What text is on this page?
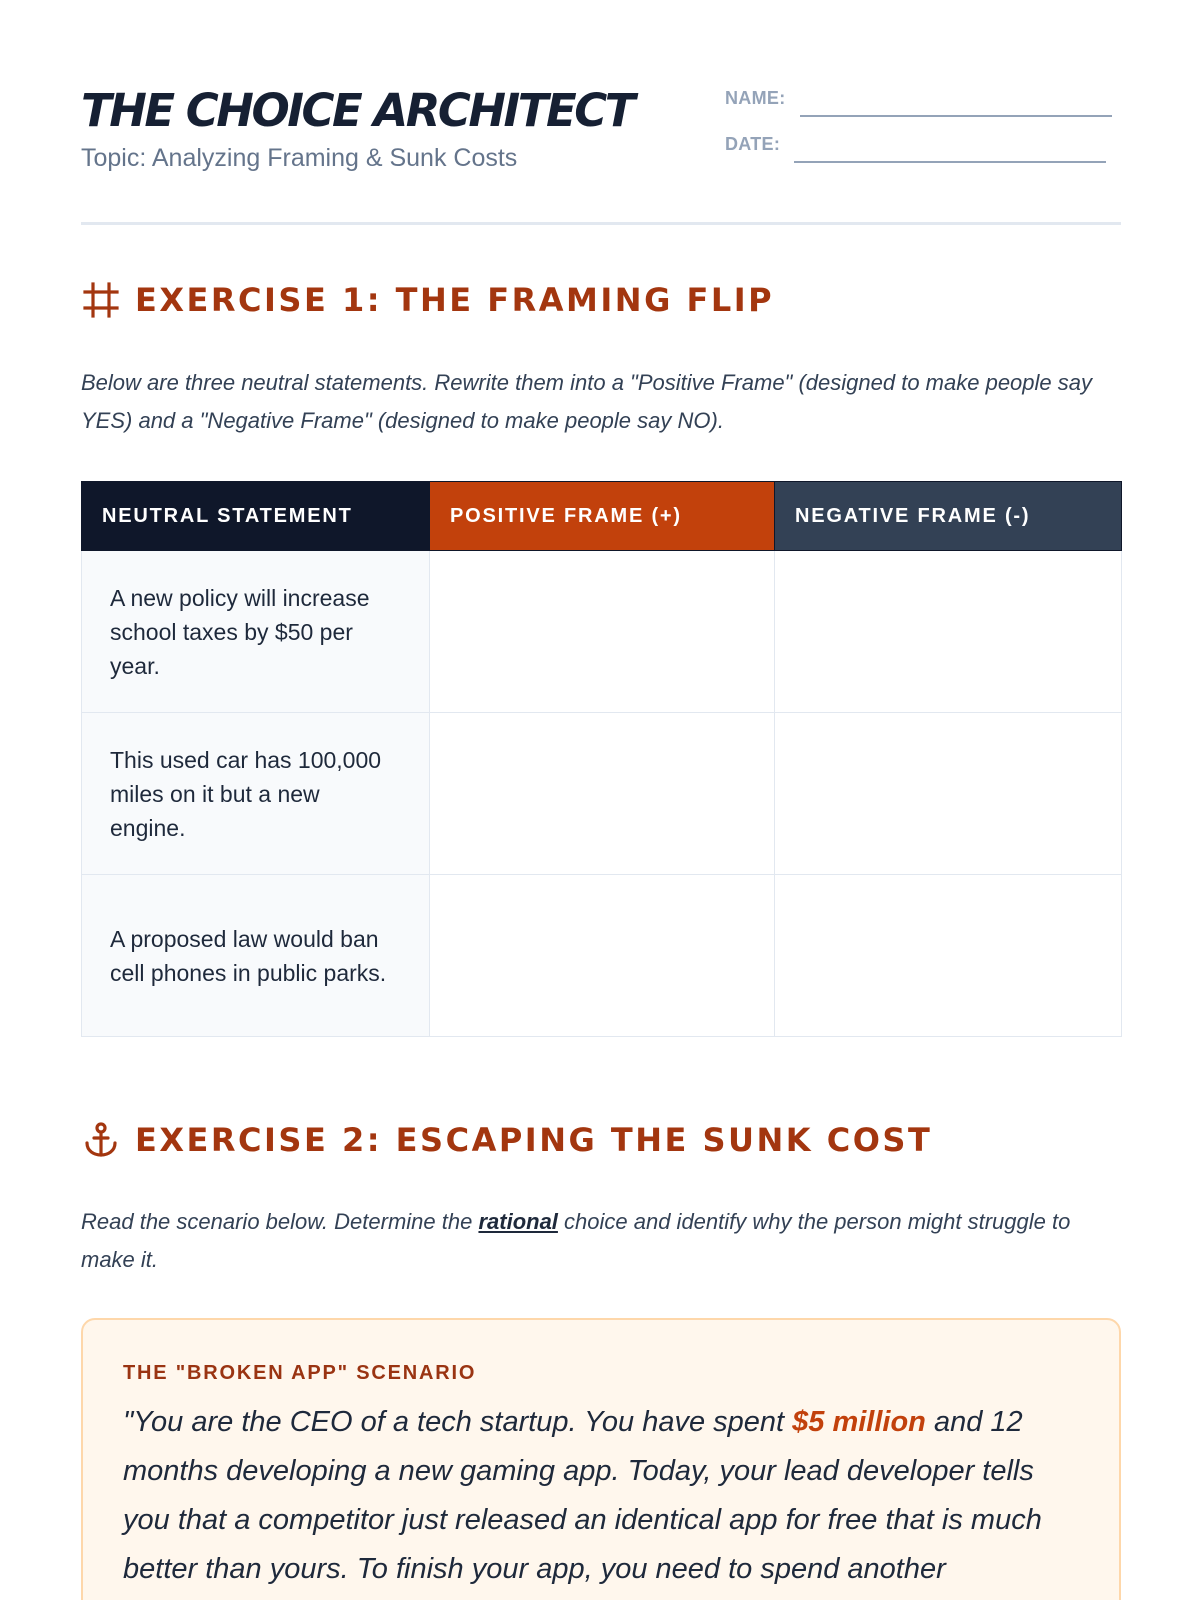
THE CHOICE ARCHITECT
Topic: Analyzing Framing & Sunk Costs
NAME:
DATE:
EXERCISE 1: THE FRAMING FLIP

Below are three neutral statements. Rewrite them into a "Positive Frame" (designed to make people say YES) and a "Negative Frame" (designed to make people say NO).

NEUTRAL STATEMENT	POSITIVE FRAME (+)	NEGATIVE FRAME (-)
A new policy will increase school taxes by $50 per year.		
This used car has 100,000 miles on it but a new engine.		
A proposed law would ban cell phones in public parks.		
EXERCISE 2: ESCAPING THE SUNK COST

Read the scenario below. Determine the rational choice and identify why the person might struggle to make it.

THE "BROKEN APP" SCENARIO

"You are the CEO of a tech startup. You have spent $5 million and 12 months developing a new gaming app. Today, your lead developer tells you that a competitor just released an identical app for free that is much better than yours. To finish your app, you need to spend another
